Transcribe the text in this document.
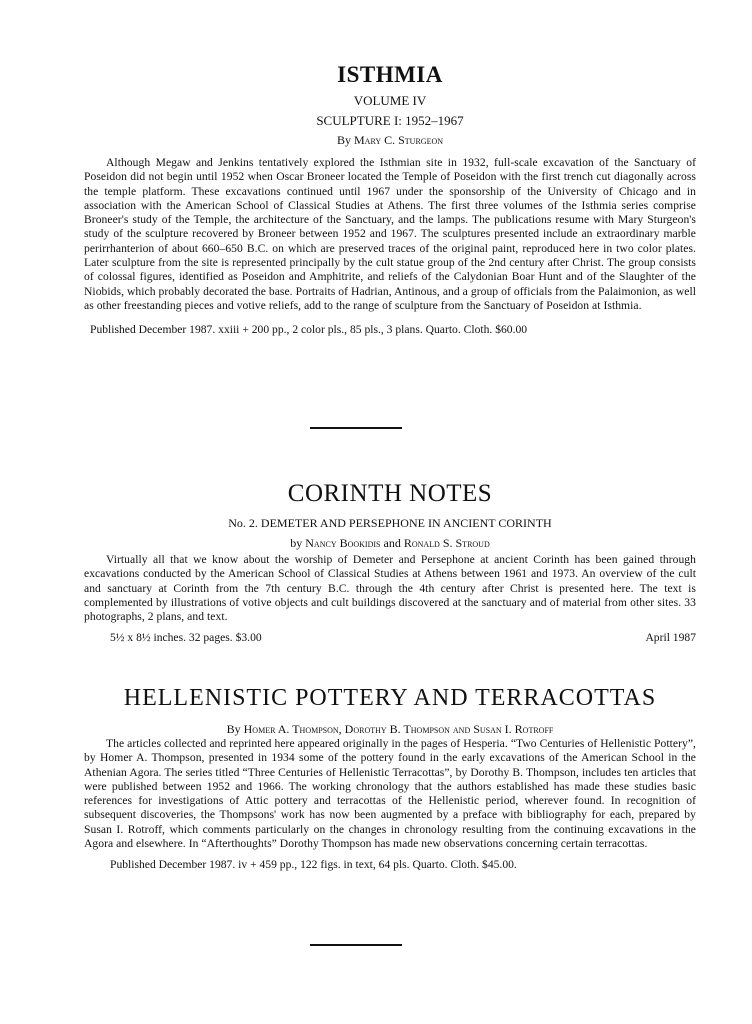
ISTHMIA
VOLUME IV
SCULPTURE I: 1952–1967
By Mary C. Sturgeon

Although Megaw and Jenkins tentatively explored the Isthmian site in 1932, full-scale excavation of the Sanctuary of Poseidon did not begin until 1952 when Oscar Broneer located the Temple of Poseidon with the first trench cut diagonally across the temple platform. These excavations continued until 1967 under the sponsorship of the University of Chicago and in association with the American School of Classical Studies at Athens. The first three volumes of the Isthmia series comprise Broneer's study of the Temple, the architecture of the Sanctuary, and the lamps. The publications resume with Mary Sturgeon's study of the sculpture recovered by Broneer between 1952 and 1967. The sculptures presented include an extraordinary marble perirrhanterion of about 660–650 B.C. on which are preserved traces of the original paint, reproduced here in two color plates. Later sculpture from the site is represented principally by the cult statue group of the 2nd century after Christ. The group consists of colossal figures, identified as Poseidon and Amphitrite, and reliefs of the Calydonian Boar Hunt and of the Slaughter of the Niobids, which probably decorated the base. Portraits of Hadrian, Antinous, and a group of officials from the Palaimonion, as well as other freestanding pieces and votive reliefs, add to the range of sculpture from the Sanctuary of Poseidon at Isthmia.

Published December 1987. xxiii + 200 pp., 2 color pls., 85 pls., 3 plans. Quarto. Cloth. $60.00
CORINTH NOTES
No. 2. DEMETER AND PERSEPHONE IN ANCIENT CORINTH
by Nancy Bookidis and Ronald S. Stroud

Virtually all that we know about the worship of Demeter and Persephone at ancient Corinth has been gained through excavations conducted by the American School of Classical Studies at Athens between 1961 and 1973. An overview of the cult and sanctuary at Corinth from the 7th century B.C. through the 4th century after Christ is presented here. The text is complemented by illustrations of votive objects and cult buildings discovered at the sanctuary and of material from other sites. 33 photographs, 2 plans, and text.

5½ x 8½ inches. 32 pages. $3.00	April 1987
HELLENISTIC POTTERY AND TERRACOTTAS
By Homer A. Thompson, Dorothy B. Thompson and Susan I. Rotroff

The articles collected and reprinted here appeared originally in the pages of Hesperia. “Two Centuries of Hellenistic Pottery”, by Homer A. Thompson, presented in 1934 some of the pottery found in the early excavations of the American School in the Athenian Agora. The series titled “Three Centuries of Hellenistic Terracottas”, by Dorothy B. Thompson, includes ten articles that were published between 1952 and 1966. The working chronology that the authors established has made these studies basic references for investigations of Attic pottery and terracottas of the Hellenistic period, wherever found. In recognition of subsequent discoveries, the Thompsons' work has now been augmented by a preface with bibliography for each, prepared by Susan I. Rotroff, which comments particularly on the changes in chronology resulting from the continuing excavations in the Agora and elsewhere. In “Afterthoughts” Dorothy Thompson has made new observations concerning certain terracottas.

Published December 1987. iv + 459 pp., 122 figs. in text, 64 pls. Quarto. Cloth. $45.00.
